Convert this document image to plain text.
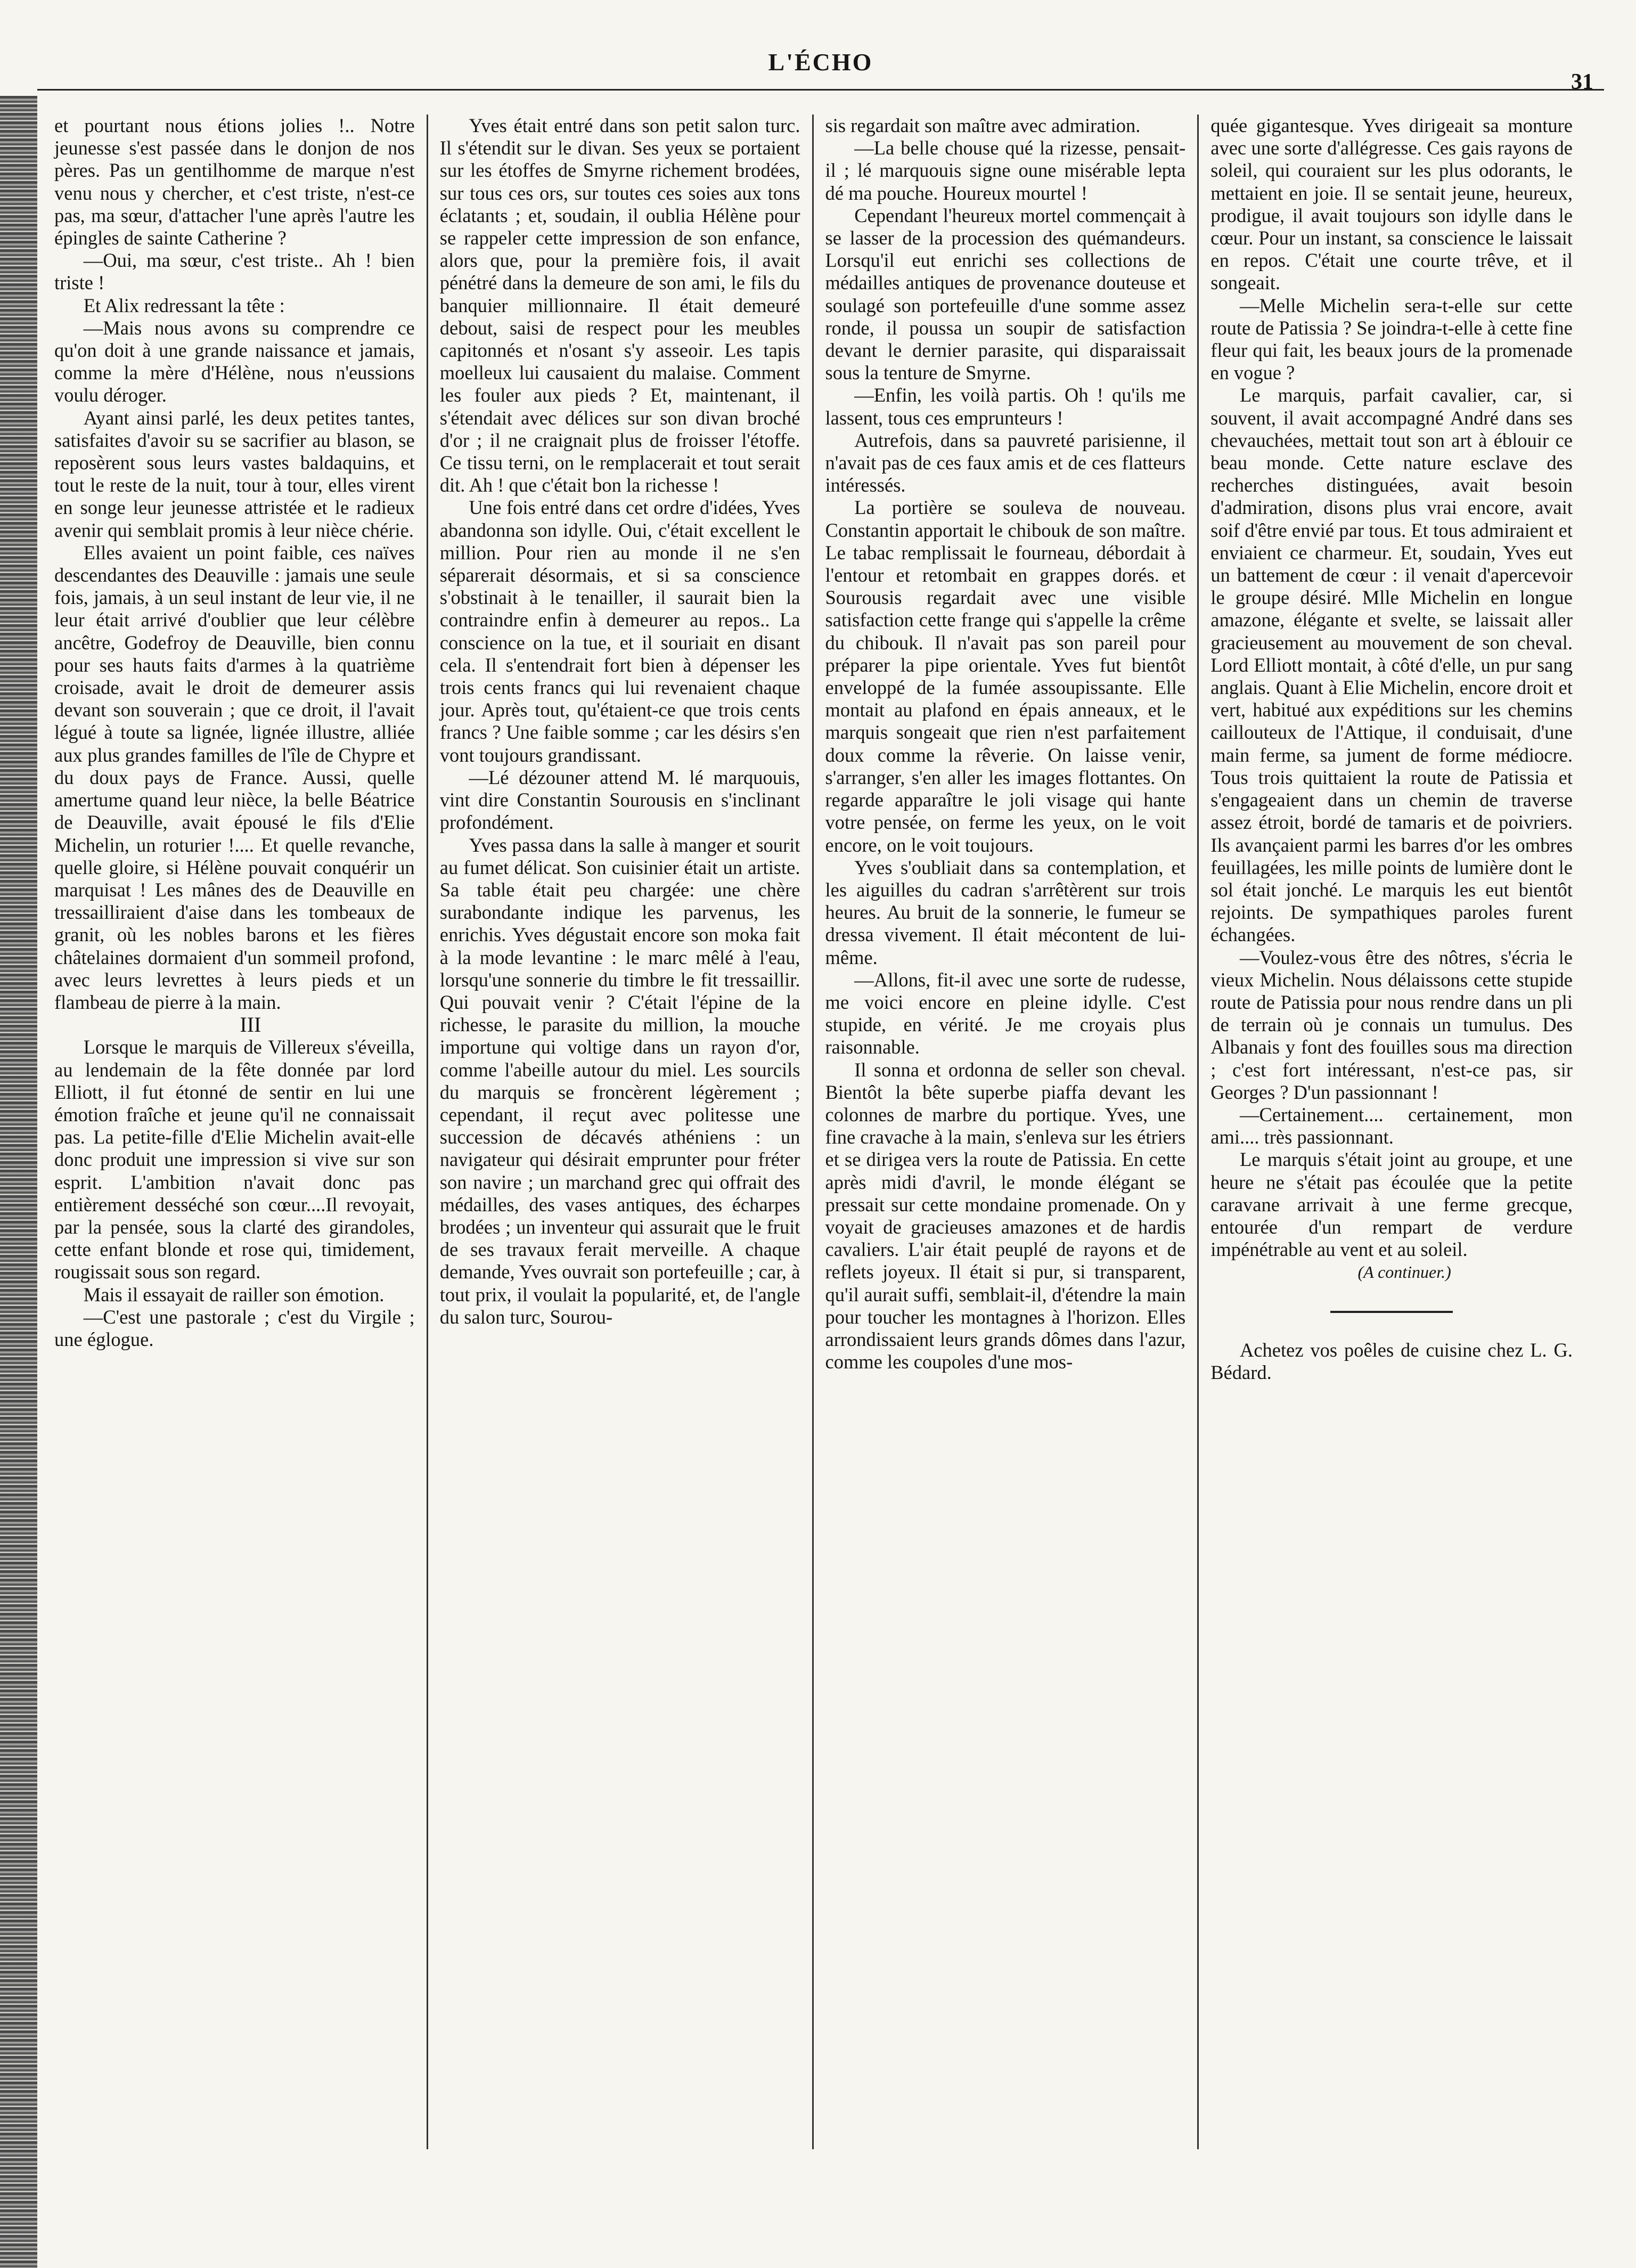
L'ÉCHO
31

et pourtant nous étions jolies !.. Notre jeunesse s'est passée dans le donjon de nos pères. Pas un gentilhomme de marque n'est venu nous y chercher, et c'est triste, n'est-ce pas, ma sœur, d'attacher l'une après l'autre les épingles de sainte Catherine ?

—Oui, ma sœur, c'est triste.. Ah ! bien triste !

Et Alix redressant la tête :

—Mais nous avons su comprendre ce qu'on doit à une grande naissance et jamais, comme la mère d'Hélène, nous n'eussions voulu déroger.

Ayant ainsi parlé, les deux petites tantes, satisfaites d'avoir su se sacrifier au blason, se reposèrent sous leurs vastes baldaquins, et tout le reste de la nuit, tour à tour, elles virent en songe leur jeunesse attristée et le radieux avenir qui semblait promis à leur nièce chérie.

Elles avaient un point faible, ces naïves descendantes des Deauville : jamais une seule fois, jamais, à un seul instant de leur vie, il ne leur était arrivé d'oublier que leur célèbre ancêtre, Godefroy de Deauville, bien connu pour ses hauts faits d'armes à la quatrième croisade, avait le droit de demeurer assis devant son souverain ; que ce droit, il l'avait légué à toute sa lignée, lignée illustre, alliée aux plus grandes familles de l'île de Chypre et du doux pays de France. Aussi, quelle amertume quand leur nièce, la belle Béatrice de Deauville, avait épousé le fils d'Elie Michelin, un roturier !.... Et quelle revanche, quelle gloire, si Hélène pouvait conquérir un marquisat ! Les mânes des de Deauville en tressailliraient d'aise dans les tombeaux de granit, où les nobles barons et les fières châtelaines dormaient d'un sommeil profond, avec leurs levrettes à leurs pieds et un flambeau de pierre à la main.

III

Lorsque le marquis de Villereux s'éveilla, au lendemain de la fête donnée par lord Elliott, il fut étonné de sentir en lui une émotion fraîche et jeune qu'il ne connaissait pas. La petite-fille d'Elie Michelin avait-elle donc produit une impression si vive sur son esprit. L'ambition n'avait donc pas entièrement desséché son cœur....Il revoyait, par la pensée, sous la clarté des girandoles, cette enfant blonde et rose qui, timidement, rougissait sous son regard.

Mais il essayait de railler son émotion.

—C'est une pastorale ; c'est du Virgile ; une églogue.

Yves était entré dans son petit salon turc. Il s'étendit sur le divan. Ses yeux se portaient sur les étoffes de Smyrne richement brodées, sur tous ces ors, sur toutes ces soies aux tons éclatants ; et, soudain, il oublia Hélène pour se rappeler cette impression de son enfance, alors que, pour la première fois, il avait pénétré dans la demeure de son ami, le fils du banquier millionnaire. Il était demeuré debout, saisi de respect pour les meubles capitonnés et n'osant s'y asseoir. Les tapis moelleux lui causaient du malaise. Comment les fouler aux pieds ? Et, maintenant, il s'étendait avec délices sur son divan broché d'or ; il ne craignait plus de froisser l'étoffe. Ce tissu terni, on le remplacerait et tout serait dit. Ah ! que c'était bon la richesse !

Une fois entré dans cet ordre d'idées, Yves abandonna son idylle. Oui, c'était excellent le million. Pour rien au monde il ne s'en séparerait désormais, et si sa conscience s'obstinait à le tenailler, il saurait bien la contraindre enfin à demeurer au repos.. La conscience on la tue, et il souriait en disant cela. Il s'entendrait fort bien à dépenser les trois cents francs qui lui revenaient chaque jour. Après tout, qu'étaient-ce que trois cents francs ? Une faible somme ; car les désirs s'en vont toujours grandissant.

—Lé dézouner attend M. lé marquouis, vint dire Constantin Sourousis en s'inclinant profondément.

Yves passa dans la salle à manger et sourit au fumet délicat. Son cuisinier était un artiste. Sa table était peu chargée: une chère surabondante indique les parvenus, les enrichis. Yves dégustait encore son moka fait à la mode levantine : le marc mêlé à l'eau, lorsqu'une sonnerie du timbre le fit tressaillir. Qui pouvait venir ? C'était l'épine de la richesse, le parasite du million, la mouche importune qui voltige dans un rayon d'or, comme l'abeille autour du miel. Les sourcils du marquis se froncèrent légèrement ; cependant, il reçut avec politesse une succession de décavés athéniens : un navigateur qui désirait emprunter pour fréter son navire ; un marchand grec qui offrait des médailles, des vases antiques, des écharpes brodées ; un inventeur qui assurait que le fruit de ses travaux ferait merveille. A chaque demande, Yves ouvrait son portefeuille ; car, à tout prix, il voulait la popularité, et, de l'angle du salon turc, Sourou-

sis regardait son maître avec admiration.

—La belle chouse qué la rizesse, pensait-il ; lé marquouis signe oune misérable lepta dé ma pouche. Houreux mourtel !

Cependant l'heureux mortel commençait à se lasser de la procession des quémandeurs. Lorsqu'il eut enrichi ses collections de médailles antiques de provenance douteuse et soulagé son portefeuille d'une somme assez ronde, il poussa un soupir de satisfaction devant le dernier parasite, qui disparaissait sous la tenture de Smyrne.

—Enfin, les voilà partis. Oh ! qu'ils me lassent, tous ces emprunteurs !

Autrefois, dans sa pauvreté parisienne, il n'avait pas de ces faux amis et de ces flatteurs intéressés.

La portière se souleva de nouveau. Constantin apportait le chibouk de son maître. Le tabac remplissait le fourneau, débordait à l'entour et retombait en grappes dorés. et Sourousis regardait avec une visible satisfaction cette frange qui s'appelle la crême du chibouk. Il n'avait pas son pareil pour préparer la pipe orientale. Yves fut bientôt enveloppé de la fumée assoupissante. Elle montait au plafond en épais anneaux, et le marquis songeait que rien n'est parfaitement doux comme la rêverie. On laisse venir, s'arranger, s'en aller les images flottantes. On regarde apparaître le joli visage qui hante votre pensée, on ferme les yeux, on le voit encore, on le voit toujours.

Yves s'oubliait dans sa contemplation, et les aiguilles du cadran s'arrêtèrent sur trois heures. Au bruit de la sonnerie, le fumeur se dressa vivement. Il était mécontent de lui-même.

—Allons, fit-il avec une sorte de rudesse, me voici encore en pleine idylle. C'est stupide, en vérité. Je me croyais plus raisonnable.

Il sonna et ordonna de seller son cheval. Bientôt la bête superbe piaffa devant les colonnes de marbre du portique. Yves, une fine cravache à la main, s'enleva sur les étriers et se dirigea vers la route de Patissia. En cette après midi d'avril, le monde élégant se pressait sur cette mondaine promenade. On y voyait de gracieuses amazones et de hardis cavaliers. L'air était peuplé de rayons et de reflets joyeux. Il était si pur, si transparent, qu'il aurait suffi, semblait-il, d'étendre la main pour toucher les montagnes à l'horizon. Elles arrondissaient leurs grands dômes dans l'azur, comme les coupoles d'une mos-

quée gigantesque. Yves dirigeait sa monture avec une sorte d'allégresse. Ces gais rayons de soleil, qui couraient sur les plus odorants, le mettaient en joie. Il se sentait jeune, heureux, prodigue, il avait toujours son idylle dans le cœur. Pour un instant, sa conscience le laissait en repos. C'était une courte trêve, et il songeait.

—Melle Michelin sera-t-elle sur cette route de Patissia ? Se joindra-t-elle à cette fine fleur qui fait, les beaux jours de la promenade en vogue ?

Le marquis, parfait cavalier, car, si souvent, il avait accompagné André dans ses chevauchées, mettait tout son art à éblouir ce beau monde. Cette nature esclave des recherches distinguées, avait besoin d'admiration, disons plus vrai encore, avait soif d'être envié par tous. Et tous admiraient et enviaient ce charmeur. Et, soudain, Yves eut un battement de cœur : il venait d'apercevoir le groupe désiré. Mlle Michelin en longue amazone, élégante et svelte, se laissait aller gracieusement au mouvement de son cheval. Lord Elliott montait, à côté d'elle, un pur sang anglais. Quant à Elie Michelin, encore droit et vert, habitué aux expéditions sur les chemins caillouteux de l'Attique, il conduisait, d'une main ferme, sa jument de forme médiocre. Tous trois quittaient la route de Patissia et s'engageaient dans un chemin de traverse assez étroit, bordé de tamaris et de poivriers. Ils avançaient parmi les barres d'or les ombres feuillagées, les mille points de lumière dont le sol était jonché. Le marquis les eut bientôt rejoints. De sympathiques paroles furent échangées.

—Voulez-vous être des nôtres, s'écria le vieux Michelin. Nous délaissons cette stupide route de Patissia pour nous rendre dans un pli de terrain où je connais un tumulus. Des Albanais y font des fouilles sous ma direction ; c'est fort intéressant, n'est-ce pas, sir Georges ? D'un passionnant !

—Certainement.... certainement, mon ami.... très passionnant.

Le marquis s'était joint au groupe, et une heure ne s'était pas écoulée que la petite caravane arrivait à une ferme grecque, entourée d'un rempart de verdure impénétrable au vent et au soleil.

(A continuer.)

Achetez vos poêles de cuisine chez L. G. Bédard.
